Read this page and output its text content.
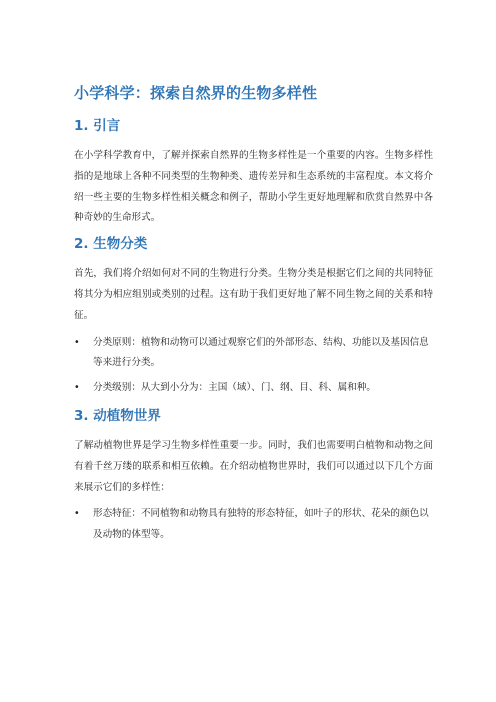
小学科学：探索自然界的生物多样性
1. 引言

在小学科学教育中，了解并探索自然界的生物多样性是一个重要的内容。生物多样性指的是地球上各种不同类型的生物种类、遗传差异和生态系统的丰富程度。本文将介绍一些主要的生物多样性相关概念和例子，帮助小学生更好地理解和欣赏自然界中各种奇妙的生命形式。

2. 生物分类

首先，我们将介绍如何对不同的生物进行分类。生物分类是根据它们之间的共同特征将其分为相应组别或类别的过程。这有助于我们更好地了解不同生物之间的关系和特征。

• 分类原则：植物和动物可以通过观察它们的外部形态、结构、功能以及基因信息等来进行分类。
• 分类级别：从大到小分为：主国（域）、门、纲、目、科、属和种。
3. 动植物世界

了解动植物世界是学习生物多样性重要一步。同时，我们也需要明白植物和动物之间有着千丝万缕的联系和相互依赖。在介绍动植物世界时，我们可以通过以下几个方面来展示它们的多样性：

• 形态特征：不同植物和动物具有独特的形态特征，如叶子的形状、花朵的颜色以及动物的体型等。
